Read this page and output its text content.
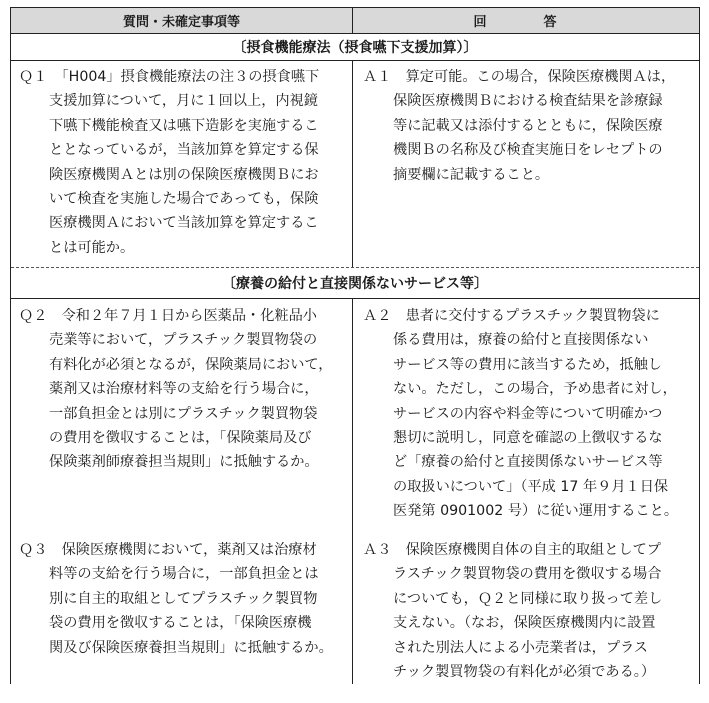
質問・未確定事項等	回　答
〔摂食機能療法（摂食嚥下支援加算）〕
Ｑ１　「H004」摂食機能療法の注３の摂食嚥下
支援加算について，月に１回以上，内視鏡
下嚥下機能検査又は嚥下造影を実施するこ
ととなっているが，当該加算を算定する保
険医療機関Ａとは別の保険医療機関Ｂにお
いて検査を実施した場合であっても，保険
医療機関Ａにおいて当該加算を算定するこ
とは可能か。
Ａ１　算定可能。この場合，保険医療機関Ａは，
保険医療機関Ｂにおける検査結果を診療録
等に記載又は添付するとともに，保険医療
機関Ｂの名称及び検査実施日をレセプトの
摘要欄に記載すること。
〔療養の給付と直接関係ないサービス等〕
Ｑ２　令和２年７月１日から医薬品・化粧品小
売業等において，プラスチック製買物袋の
有料化が必須となるが，保険薬局において，
薬剤又は治療材料等の支給を行う場合に，
一部負担金とは別にプラスチック製買物袋
の費用を徴収することは，「保険薬局及び
保険薬剤師療養担当規則」に抵触するか。
Ａ２　患者に交付するプラスチック製買物袋に
係る費用は，療養の給付と直接関係ない
サービス等の費用に該当するため，抵触し
ない。ただし，この場合，予め患者に対し，
サービスの内容や料金等について明確かつ
懇切に説明し，同意を確認の上徴収するな
ど「療養の給付と直接関係ないサービス等
の取扱いについて」（平成 17 年９月１日保
医発第 0901002 号）に従い運用すること。
Ｑ３　保険医療機関において，薬剤又は治療材
料等の支給を行う場合に，一部負担金とは
別に自主的取組としてプラスチック製買物
袋の費用を徴収することは，「保険医療機
関及び保険医療養担当規則」に抵触するか。
Ａ３　保険医療機関自体の自主的取組としてプ
ラスチック製買物袋の費用を徴収する場合
についても，Ｑ２と同様に取り扱って差し
支えない。（なお，保険医療機関内に設置
された別法人による小売業者は，プラス
チック製買物袋の有料化が必須である。）
